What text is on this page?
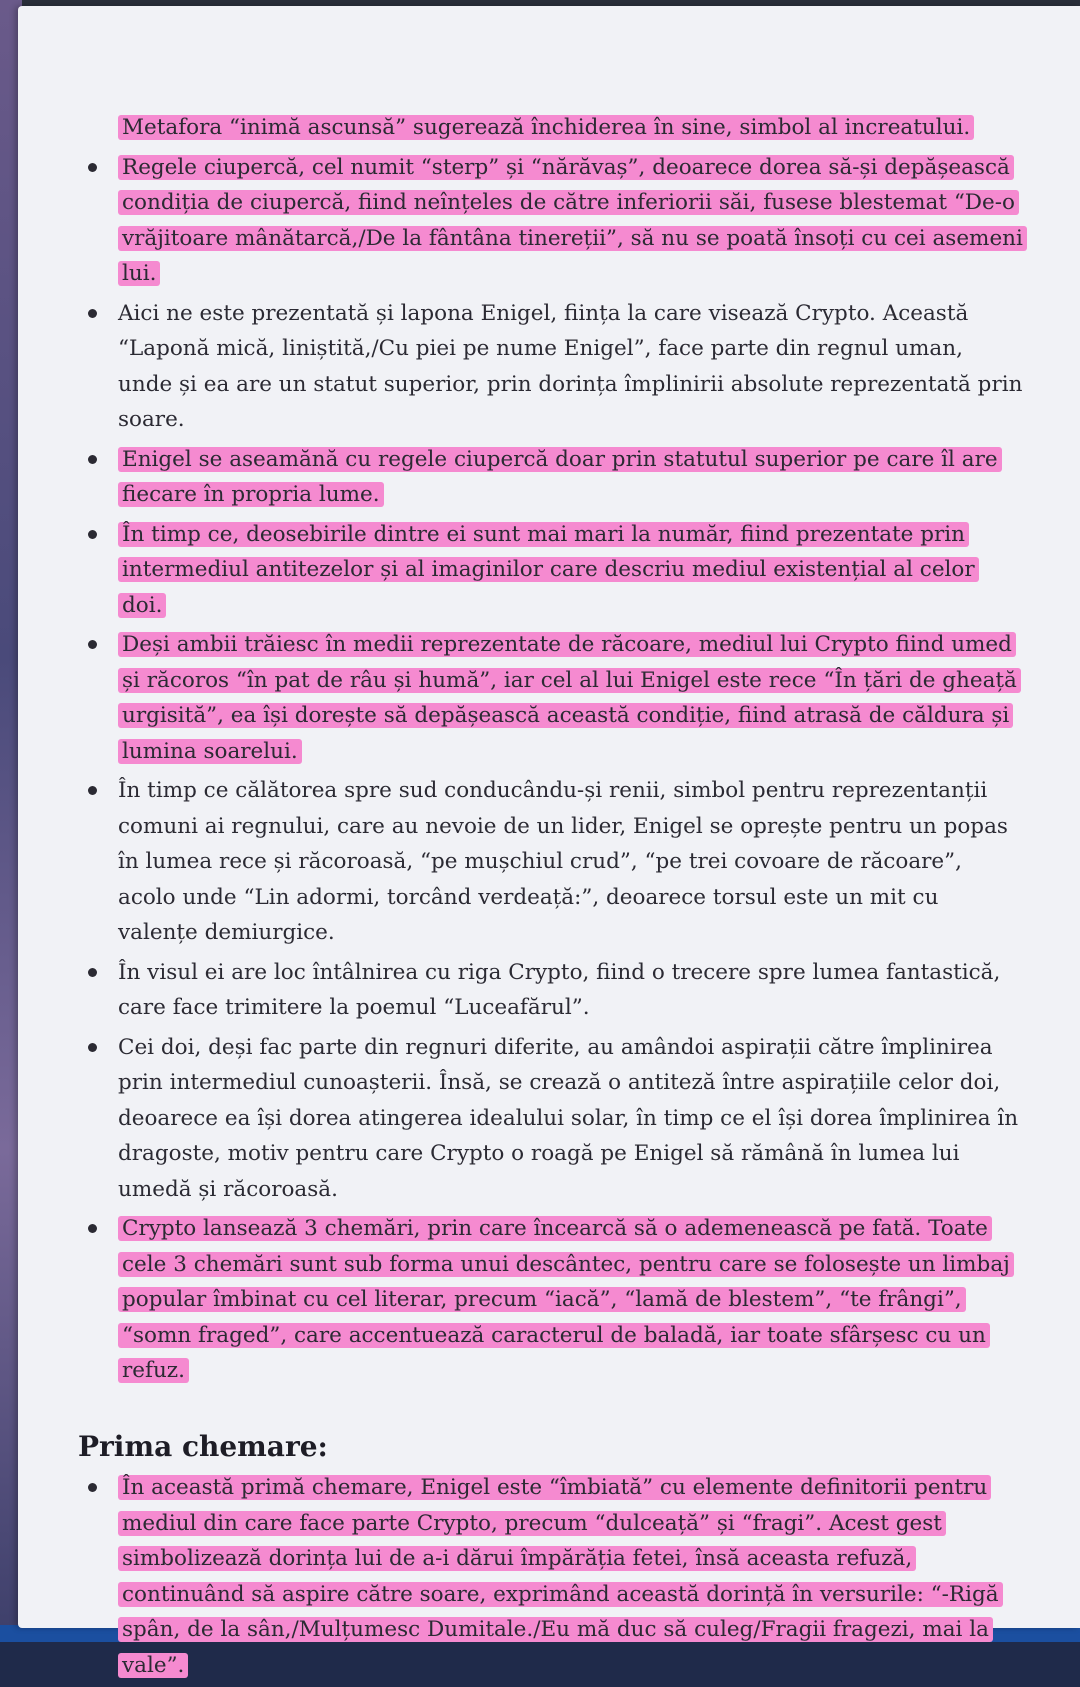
Metafora “inimă ascunsă” sugerează închiderea în sine, simbol al increatului.
Regele ciupercă, cel numit “sterp” și “nărăvaș”, deoarece dorea să-și depășească condiția de ciupercă, fiind neînțeles de către inferiorii săi, fusese blestemat “De-o vrăjitoare mânătarcă,/De la fântâna tinereții”, să nu se poată însoți cu cei asemeni lui.
Aici ne este prezentată și lapona Enigel, ființa la care visează Crypto. Această “Laponă mică, liniștită,/Cu piei pe nume Enigel”, face parte din regnul uman, unde și ea are un statut superior, prin dorința împlinirii absolute reprezentată prin soare.
Enigel se aseamănă cu regele ciupercă doar prin statutul superior pe care îl are fiecare în propria lume.
În timp ce, deosebirile dintre ei sunt mai mari la număr, fiind prezentate prin intermediul antitezelor și al imaginilor care descriu mediul existențial al celor doi.
Deși ambii trăiesc în medii reprezentate de răcoare, mediul lui Crypto fiind umed și răcoros “în pat de râu și humă”, iar cel al lui Enigel este rece “În țări de gheață urgisită”, ea își dorește să depășească această condiție, fiind atrasă de căldura și lumina soarelui.
În timp ce călătorea spre sud conducându-și renii, simbol pentru reprezentanții comuni ai regnului, care au nevoie de un lider, Enigel se oprește pentru un popas în lumea rece și răcoroasă, “pe mușchiul crud”, “pe trei covoare de răcoare”, acolo unde “Lin adormi, torcând verdeață:”, deoarece torsul este un mit cu valențe demiurgice.
În visul ei are loc întâlnirea cu riga Crypto, fiind o trecere spre lumea fantastică, care face trimitere la poemul “Luceafărul”.
Cei doi, deși fac parte din regnuri diferite, au amândoi aspirații către împlinirea prin intermediul cunoașterii. Însă, se crează o antiteză între aspirațiile celor doi, deoarece ea își dorea atingerea idealului solar, în timp ce el își dorea împlinirea în dragoste, motiv pentru care Crypto o roagă pe Enigel să rămână în lumea lui umedă și răcoroasă.
Crypto lansează 3 chemări, prin care încearcă să o ademenească pe fată. Toate cele 3 chemări sunt sub forma unui descântec, pentru care se folosește un limbaj popular îmbinat cu cel literar, precum “iacă”, “lamă de blestem”, “te frângi”, “somn fraged”, care accentuează caracterul de baladă, iar toate sfârșesc cu un refuz.
Prima chemare:
În această primă chemare, Enigel este “îmbiată” cu elemente definitorii pentru mediul din care face parte Crypto, precum “dulceață” și “fragi”. Acest gest simbolizează dorința lui de a-i dărui împărăția fetei, însă aceasta refuză, continuând să aspire către soare, exprimând această dorință în versurile: “-Rigă spân, de la sân,/Mulțumesc Dumitale./Eu mă duc să culeg/Fragii fragezi, mai la vale”.
